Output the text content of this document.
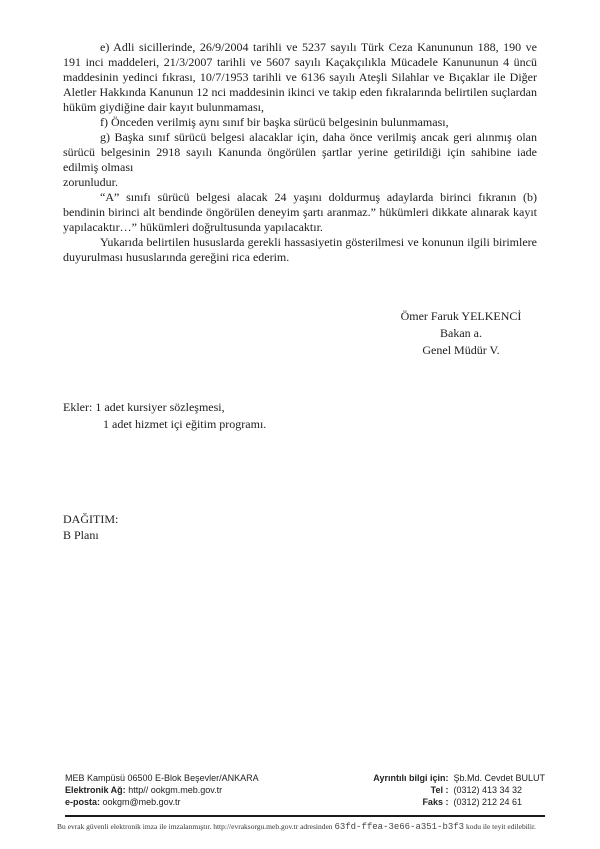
e) Adli sicillerinde, 26/9/2004 tarihli ve 5237 sayılı Türk Ceza Kanununun 188, 190 ve 191 inci maddeleri, 21/3/2007 tarihli ve 5607 sayılı Kaçakçılıkla Mücadele Kanununun 4 üncü maddesinin yedinci fıkrası, 10/7/1953 tarihli ve 6136 sayılı Ateşli Silahlar ve Bıçaklar ile Diğer Aletler Hakkında Kanunun 12 nci maddesinin ikinci ve takip eden fıkralarında belirtilen suçlardan hüküm giydiğine dair kayıt bulunmaması,

f) Önceden verilmiş aynı sınıf bir başka sürücü belgesinin bulunmaması,

g) Başka sınıf sürücü belgesi alacaklar için, daha önce verilmiş ancak geri alınmış olan sürücü belgesinin 2918 sayılı Kanunda öngörülen şartlar yerine getirildiği için sahibine iade edilmiş olması

zorunludur.

“A” sınıfı sürücü belgesi alacak 24 yaşını doldurmuş adaylarda birinci fıkranın (b) bendinin birinci alt bendinde öngörülen deneyim şartı aranmaz.” hükümleri dikkate alınarak kayıt yapılacaktır…” hükümleri doğrultusunda yapılacaktır.

Yukarıda belirtilen hususlarda gerekli hassasiyetin gösterilmesi ve konunun ilgili birimlere duyurulması hususlarında gereğini rica ederim.

Ömer Faruk YELKENCİ
Bakan a.
Genel Müdür V.
Ekler: 1 adet kursiyer sözleşmesi,
1 adet hizmet içi eğitim programı.
DAĞITIM:
B Planı
MEB Kampüsü 06500 E-Blok Beşevler/ANKARA
Elektronik Ağ: http// ookgm.meb.gov.tr
e-posta: ookgm@meb.gov.tr
Ayrıntılı bilgi için: Şb.Md. Cevdet BULUT
Tel : (0312) 413 34 32
Faks : (0312) 212 24 61
Bu evrak güvenli elektronik imza ile imzalanmıştır. http://evraksorgu.meb.gov.tr adresinden 63fd-ffea-3e66-a351-b3f3 kodu ile teyit edilebilir.
